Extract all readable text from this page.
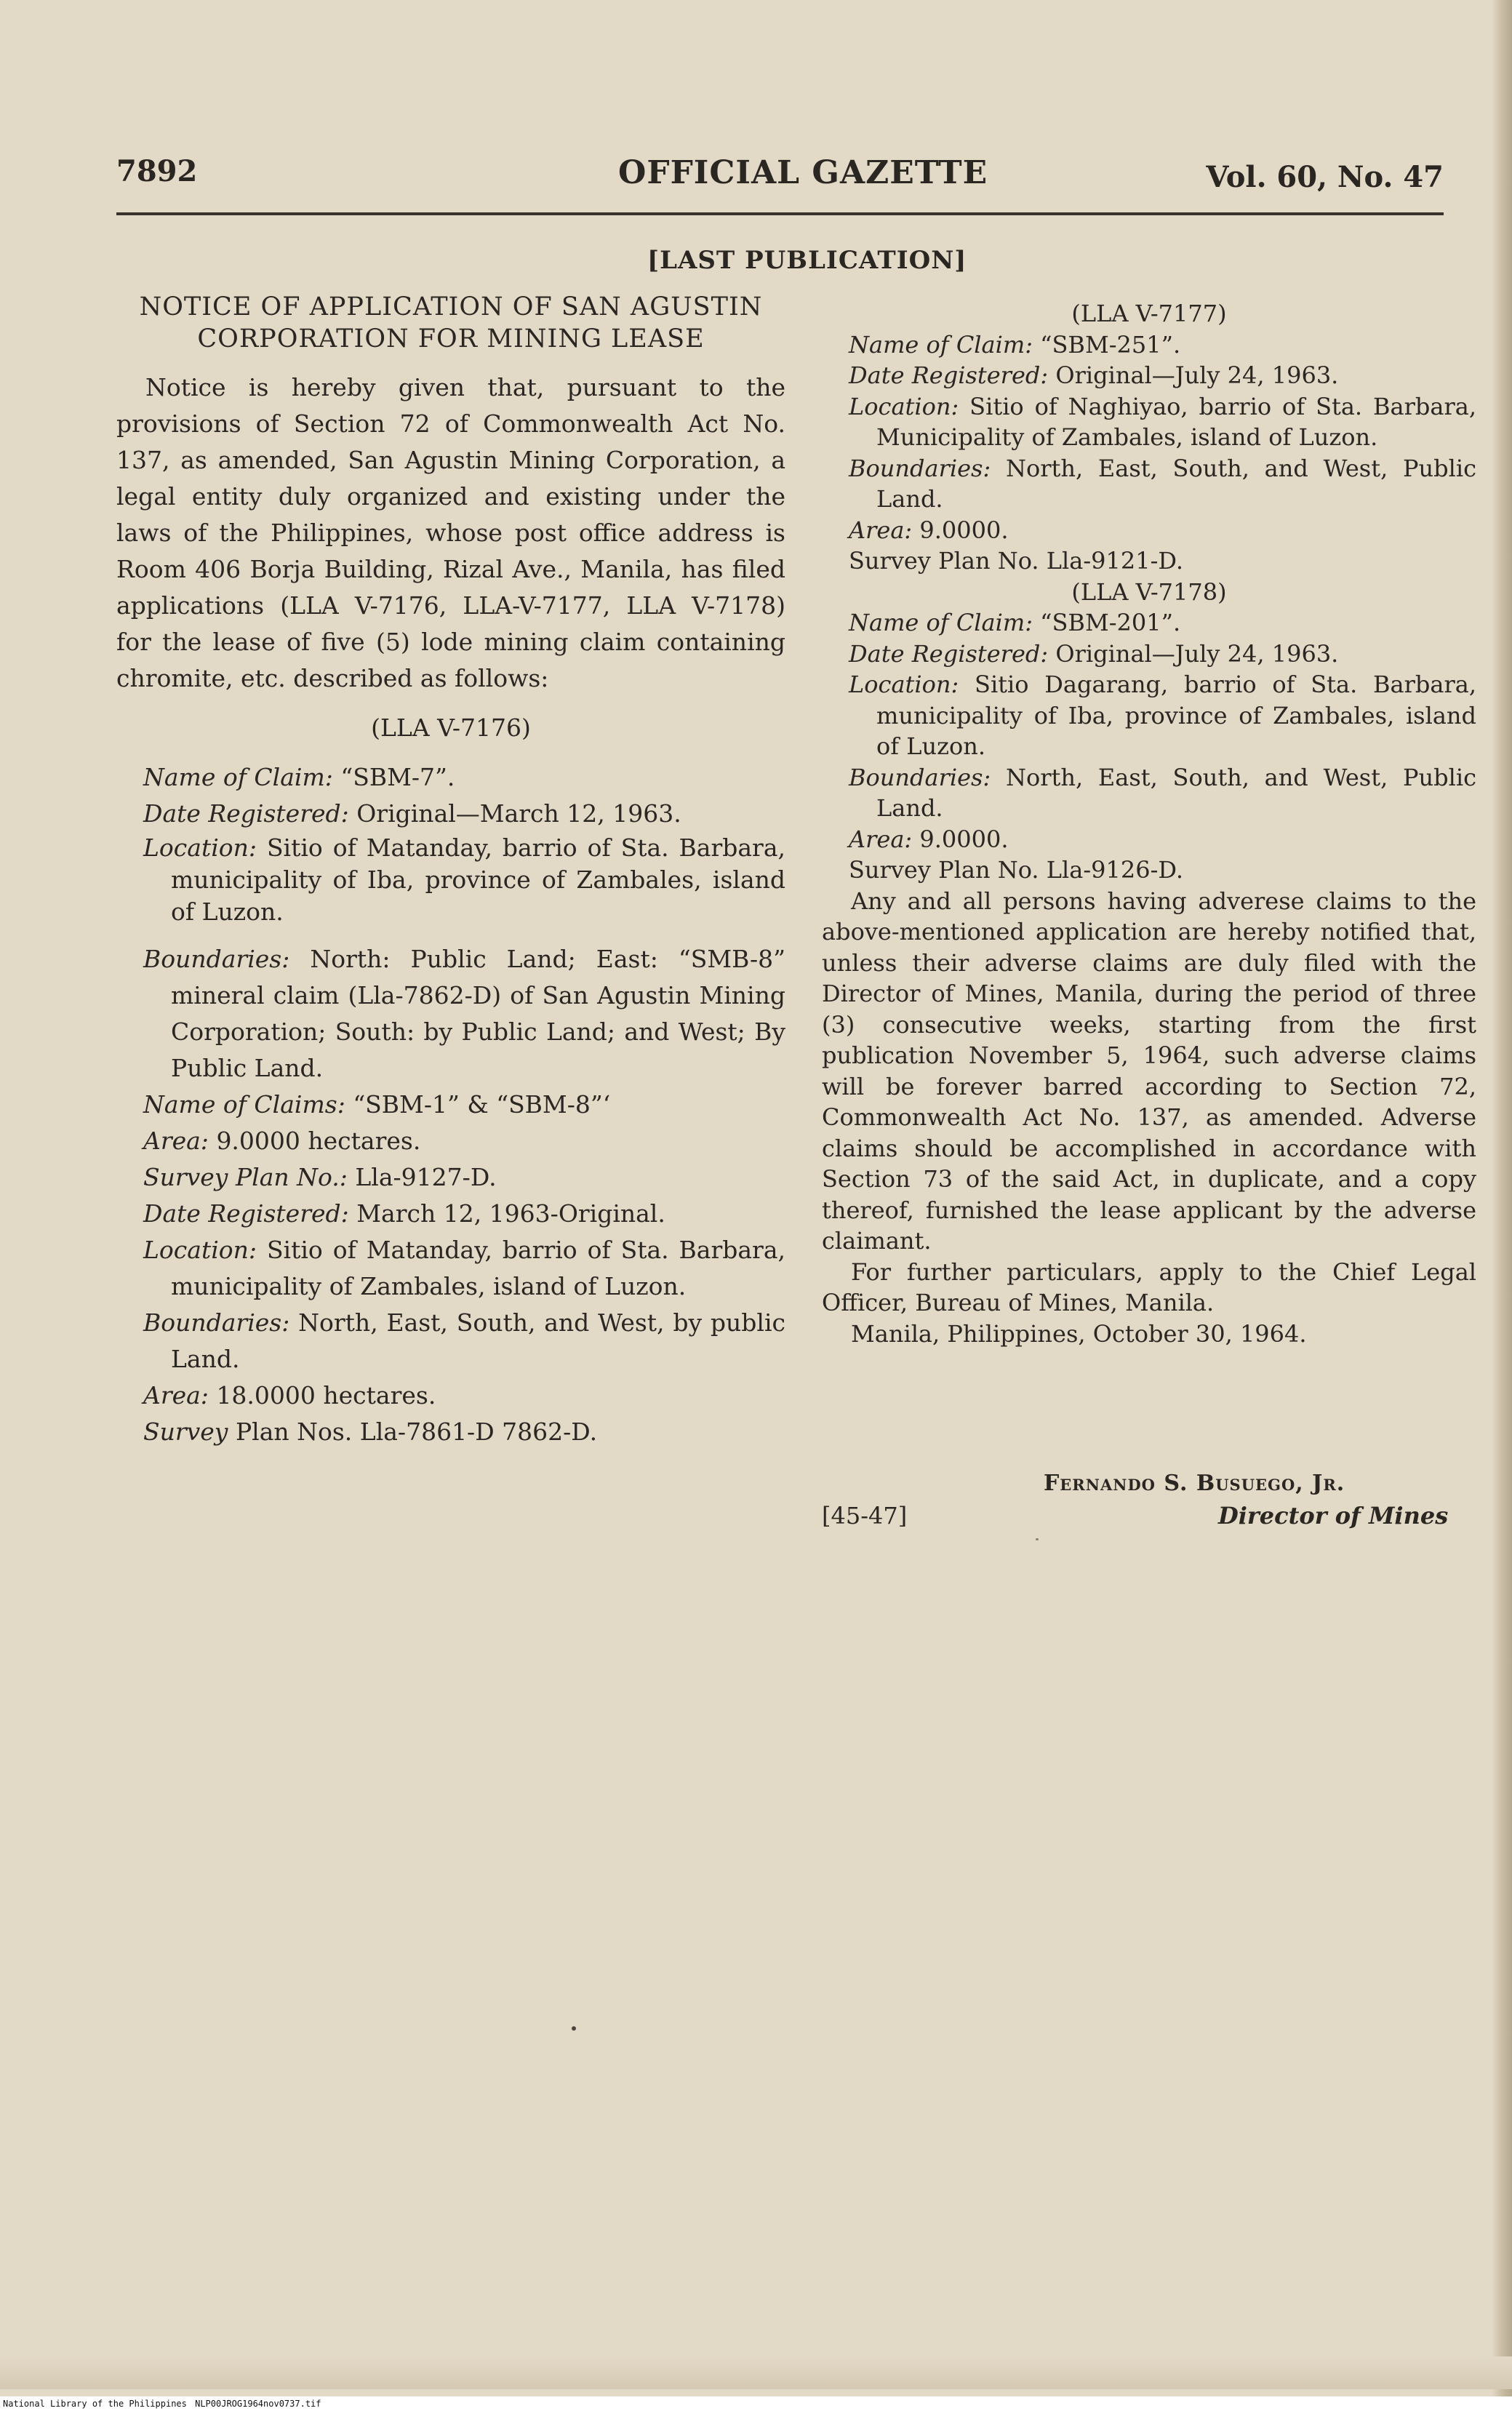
7892	OFFICIAL GAZETTE	Vol. 60, No. 47
[LAST PUBLICATION]
NOTICE OF APPLICATION OF SAN AGUSTIN
CORPORATION FOR MINING LEASE

Notice is hereby given that, pursuant to the provisions of Section 72 of Commonwealth Act No. 137, as amended, San Agustin Mining Corporation, a legal entity duly organized and existing under the laws of the Philippines, whose post office address is Room 406 Borja Building, Rizal Ave., Manila, has filed applications (LLA V-7176, LLA-V-7177, LLA V-7178) for the lease of five (5) lode mining claim containing chromite, etc. described as follows:

(LLA V-7176)

Name of Claim: “SBM-7”.

Date Registered: Original—March 12, 1963.

Location: Sitio of Matanday, barrio of Sta. Barbara, municipality of Iba, province of Zambales, island of Luzon.

Boundaries: North: Public Land; East: “SMB-8” mineral claim (Lla-7862-D) of San Agustin Mining Corporation; South: by Public Land; and West; By Public Land.

Name of Claims: “SBM-1” & “SBM-8”‘

Area: 9.0000 hectares.

Survey Plan No.: Lla-9127-D.

Date Registered: March 12, 1963-Original.

Location: Sitio of Matanday, barrio of Sta. Barbara, municipality of Zambales, island of Luzon.

Boundaries: North, East, South, and West, by public Land.

Area: 18.0000 hectares.

Survey Plan Nos. Lla-7861-D 7862-D.

(LLA V-7177)

Name of Claim: “SBM-251”.

Date Registered: Original—July 24, 1963.

Location: Sitio of Naghiyao, barrio of Sta. Barbara, Municipality of Zambales, island of Luzon.

Boundaries: North, East, South, and West, Public Land.

Area: 9.0000.

Survey Plan No. Lla-9121-D.

(LLA V-7178)

Name of Claim: “SBM-201”.

Date Registered: Original—July 24, 1963.

Location: Sitio Dagarang, barrio of Sta. Barbara, municipality of Iba, province of Zambales, island of Luzon.

Boundaries: North, East, South, and West, Public Land.

Area: 9.0000.

Survey Plan No. Lla-9126-D.

Any and all persons having adverese claims to the above-mentioned application are hereby notified that, unless their adverse claims are duly filed with the Director of Mines, Manila, during the period of three (3) consecutive weeks, starting from the first publication November 5, 1964, such adverse claims will be forever barred according to Section 72, Commonwealth Act No. 137, as amended. Adverse claims should be accomplished in accordance with Section 73 of the said Act, in duplicate, and a copy thereof, furnished the lease applicant by the adverse claimant.

For further particulars, apply to the Chief Legal Officer, Bureau of Mines, Manila.

Manila, Philippines, October 30, 1964.

Fernando S. Busuego, Jr.
[45-47]	Director of Mines
National Library of the Philippines NLP00JROG1964nov0737.tif
